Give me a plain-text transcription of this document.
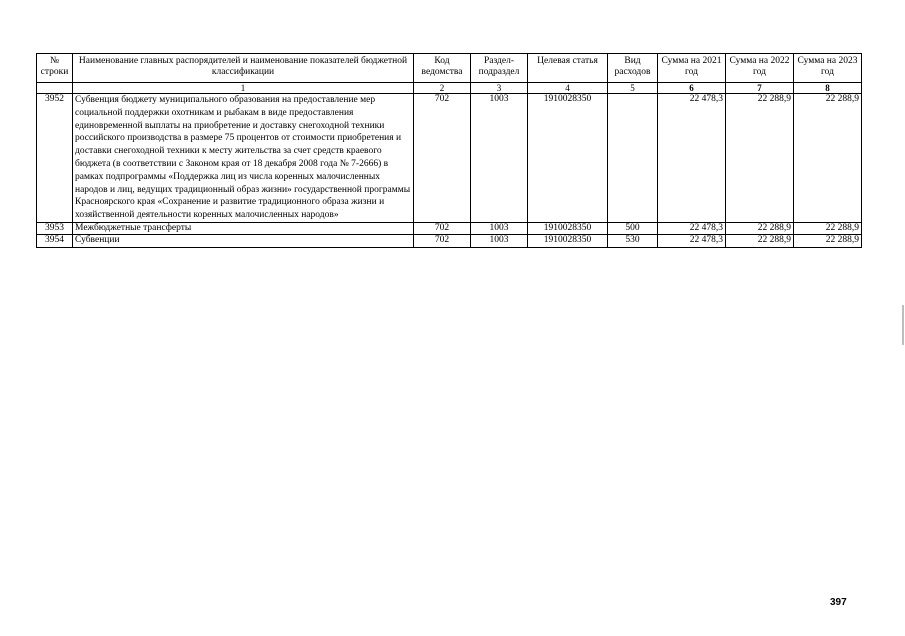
№ строки	Наименование главных распорядителей и наименование показателей бюджетной классификации	Код ведомства	Раздел-подраздел	Целевая статья	Вид расходов	Сумма на 2021 год	Сумма на 2022 год	Сумма на 2023 год
	1	2	3	4	5	6	7	8
3952	Субвенция бюджету муниципального образования на предоставление мер социальной поддержки охотникам и рыбакам в виде предоставления единовременной выплаты на приобретение и доставку снегоходной техники российского производства в размере 75 процентов от стоимости приобретения и доставки снегоходной техники к месту жительства за счет средств краевого бюджета (в соответствии с Законом края от 18 декабря 2008 года № 7-2666) в рамках подпрограммы «Поддержка лиц из числа коренных малочисленных народов и лиц, ведущих традиционный образ жизни» государственной программы Красноярского края «Сохранение и развитие традиционного образа жизни и хозяйственной деятельности коренных малочисленных народов»	702	1003	1910028350		22 478,3	22 288,9	22 288,9
3953	Межбюджетные трансферты	702	1003	1910028350	500	22 478,3	22 288,9	22 288,9
3954	Субвенции	702	1003	1910028350	530	22 478,3	22 288,9	22 288,9
397
